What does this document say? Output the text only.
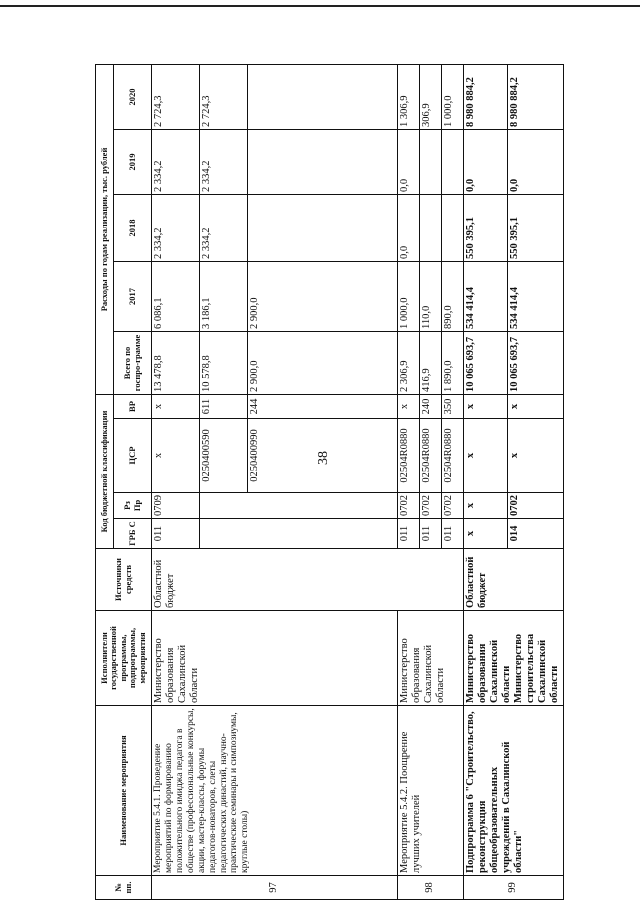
38
№ пп.	Наименование мероприятия	Исполнители государственной программы, подпрограммы, мероприятия	Источники средств	Код бюджетной классификации				Расходы по годам реализации, тыс. рублей				
				ГРБ С	Рз Пр	ЦСР	ВР	Всего по госпро-грамме	2017	2018	2019	2020
97	Мероприятие 5.4.1. Проведение мероприятий по формированию положительного имиджа педагога в обществе (профессиональные конкурсы, акции, мастер-классы, форумы педагогов-новаторов, слеты педагогических династий, научно-практические семинары и симпозиумы, круглые столы)	Министерство образования Сахалинской области	Областной бюджет	011	0709	x	x	13 478,8	6 086,1	2 334,2	2 334,2	2 724,3
						0250400590	611	10 578,8	3 186,1	2 334,2	2 334,2	2 724,3
						0250400990	244	2 900,0	2 900,0			
98	Мероприятие 5.4.2. Поощрение лучших учителей	Министерство образования Сахалинской области		011	0702	02504R0880	x	2 306,9	1 000,0	0,0	0,0	1 306,9
				011	0702	02504R0880	240	416,9	110,0			306,9
				011	0702	02504R0880	350	1 890,0	890,0			1 000,0
99	Подпрограмма 6 "Строительство, реконструкция общеобразовательных учреждений в Сахалинской области"	Министерство образования Сахалинской области Министерство строительства Сахалинской области	Областной бюджет	x	x	x	x	10 065 693,7	534 414,4	550 395,1	0,0	8 980 884,2
				014	0702	x	x	10 065 693,7	534 414,4	550 395,1	0,0	8 980 884,2
